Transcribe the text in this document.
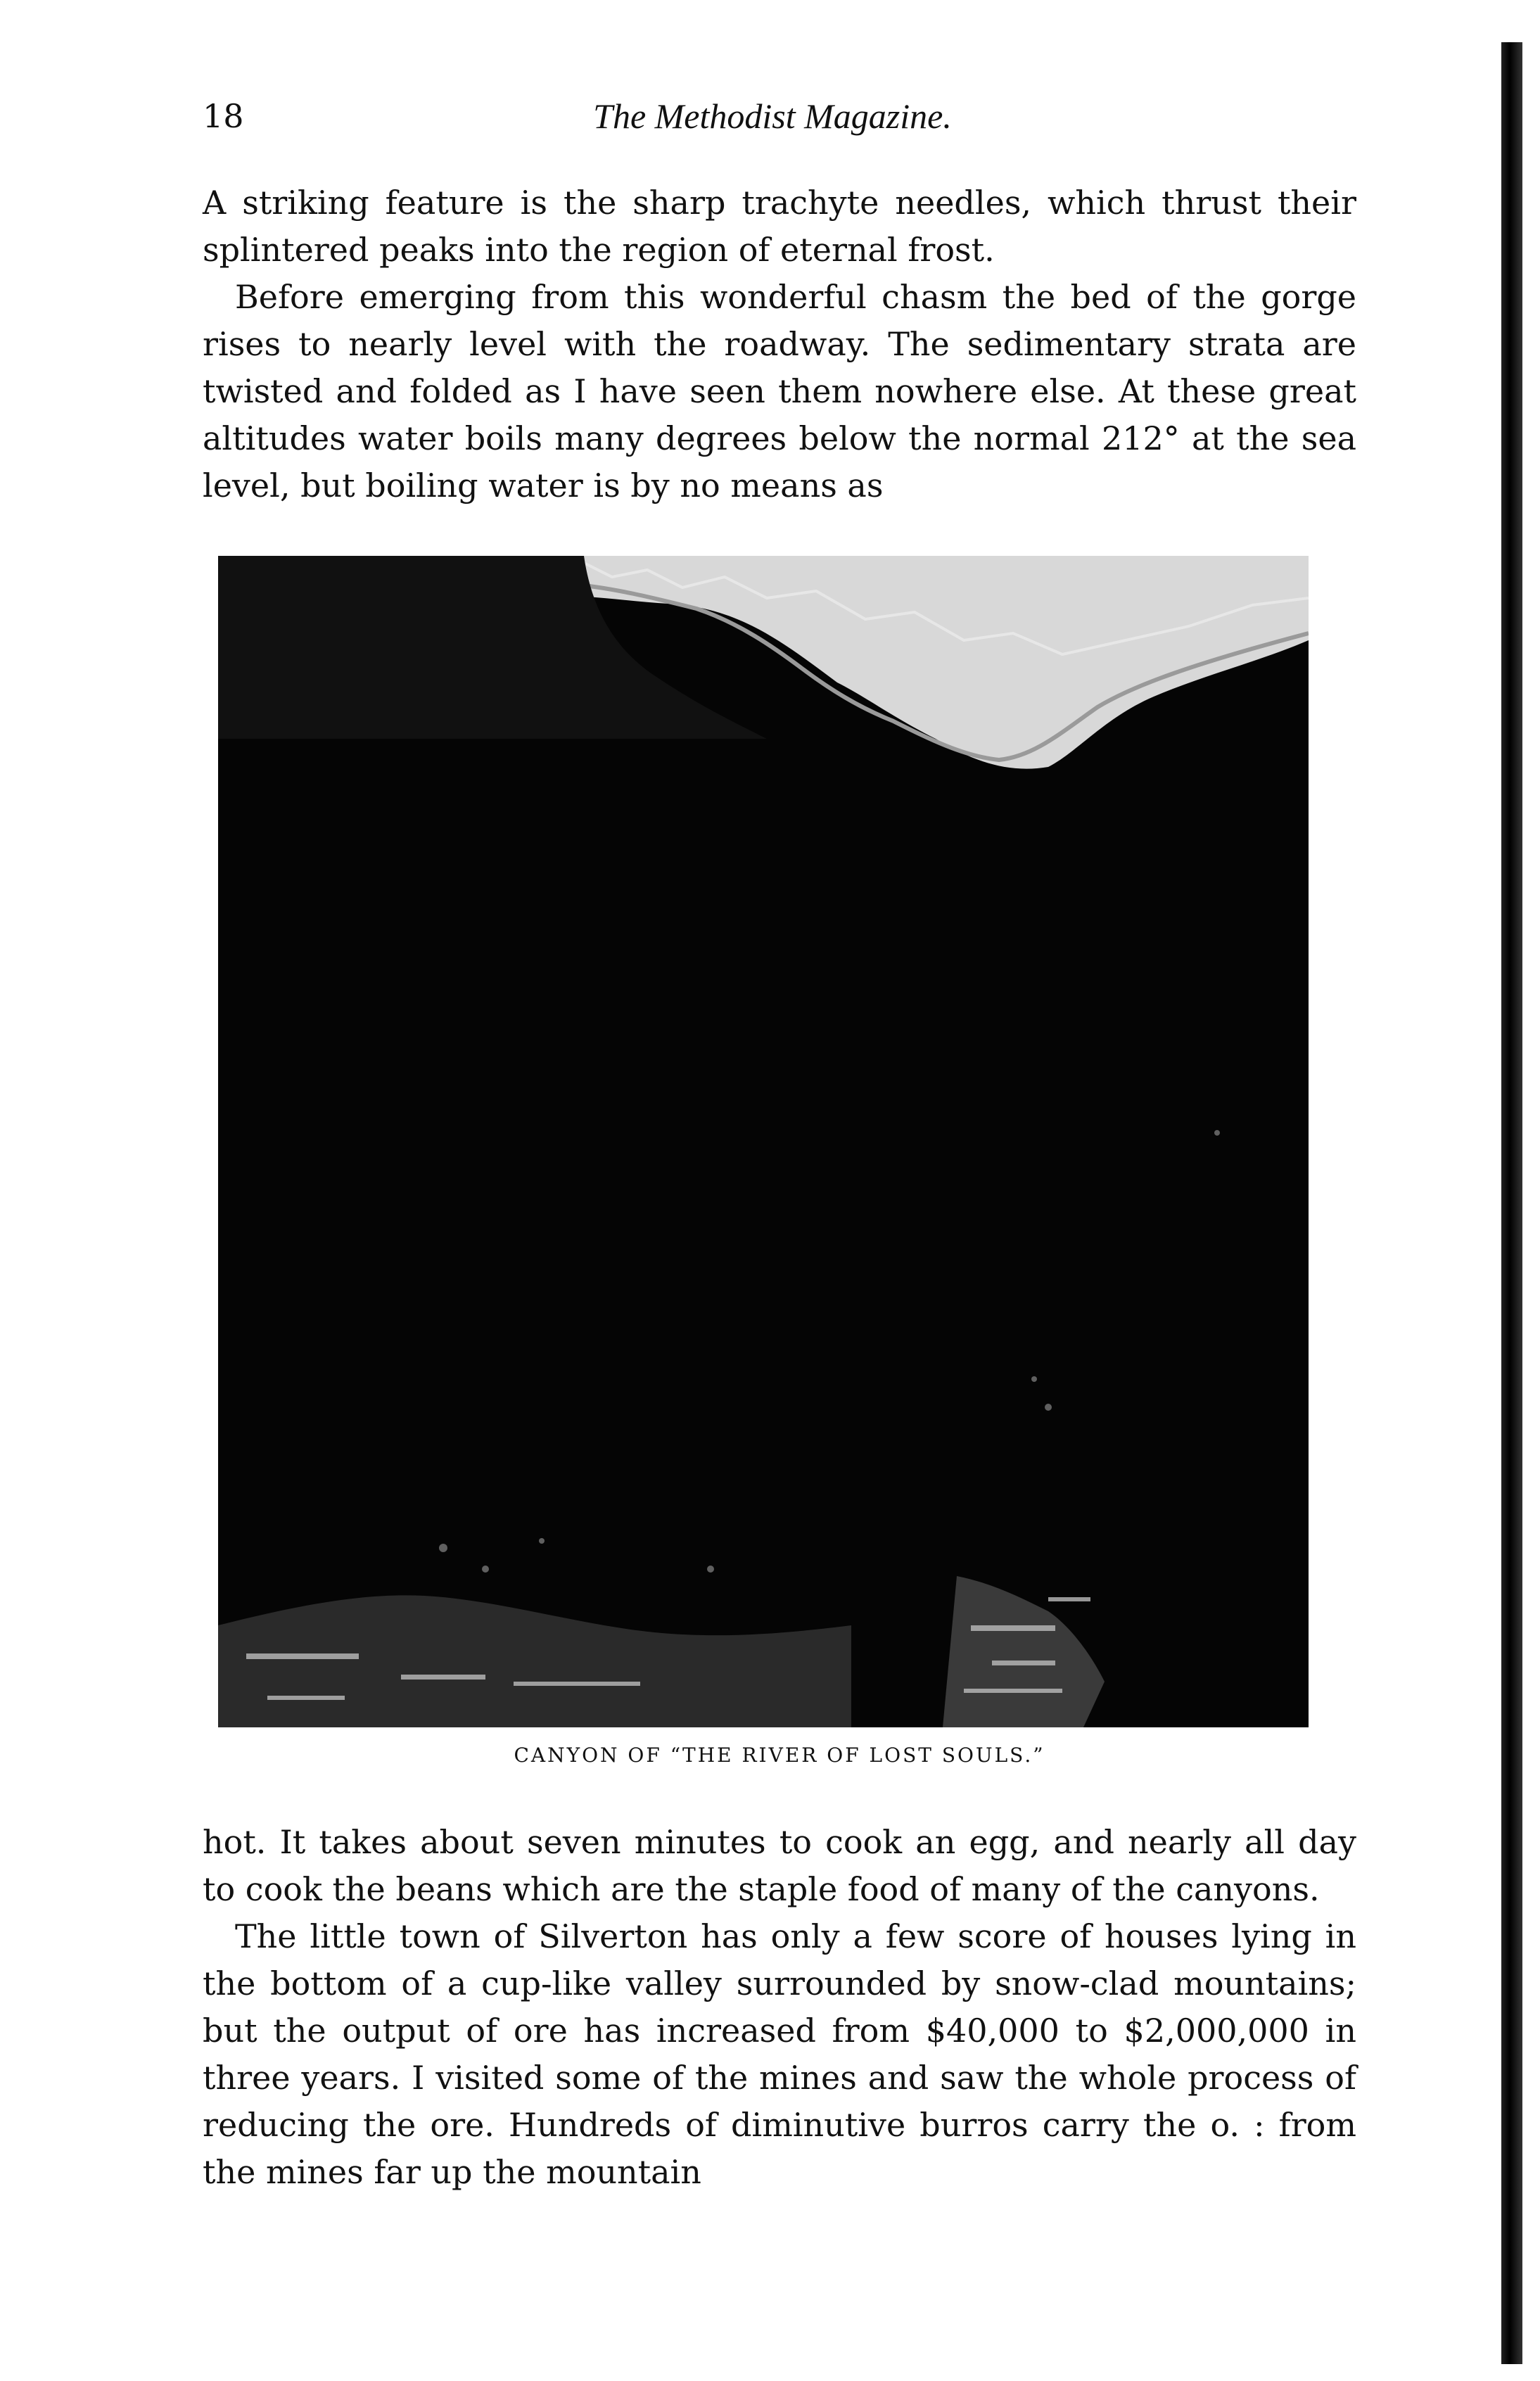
18	The Methodist Magazine.

A striking feature is the sharp trachyte needles, which thrust their splintered peaks into the region of eternal frost.

Before emerging from this wonderful chasm the bed of the gorge rises to nearly level with the roadway. The sedimentary strata are twisted and folded as I have seen them nowhere else. At these great altitudes water boils many degrees below the normal 212° at the sea level, but boiling water is by no means as

CANYON OF “THE RIVER OF LOST SOULS.”

hot. It takes about seven minutes to cook an egg, and nearly all day to cook the beans which are the staple food of many of the canyons.

The little town of Silverton has only a few score of houses lying in the bottom of a cup-like valley surrounded by snow-clad mountains; but the output of ore has increased from $40,000 to $2,000,000 in three years. I visited some of the mines and saw the whole process of reducing the ore. Hundreds of diminutive burros carry the o. : from the mines far up the mountain
